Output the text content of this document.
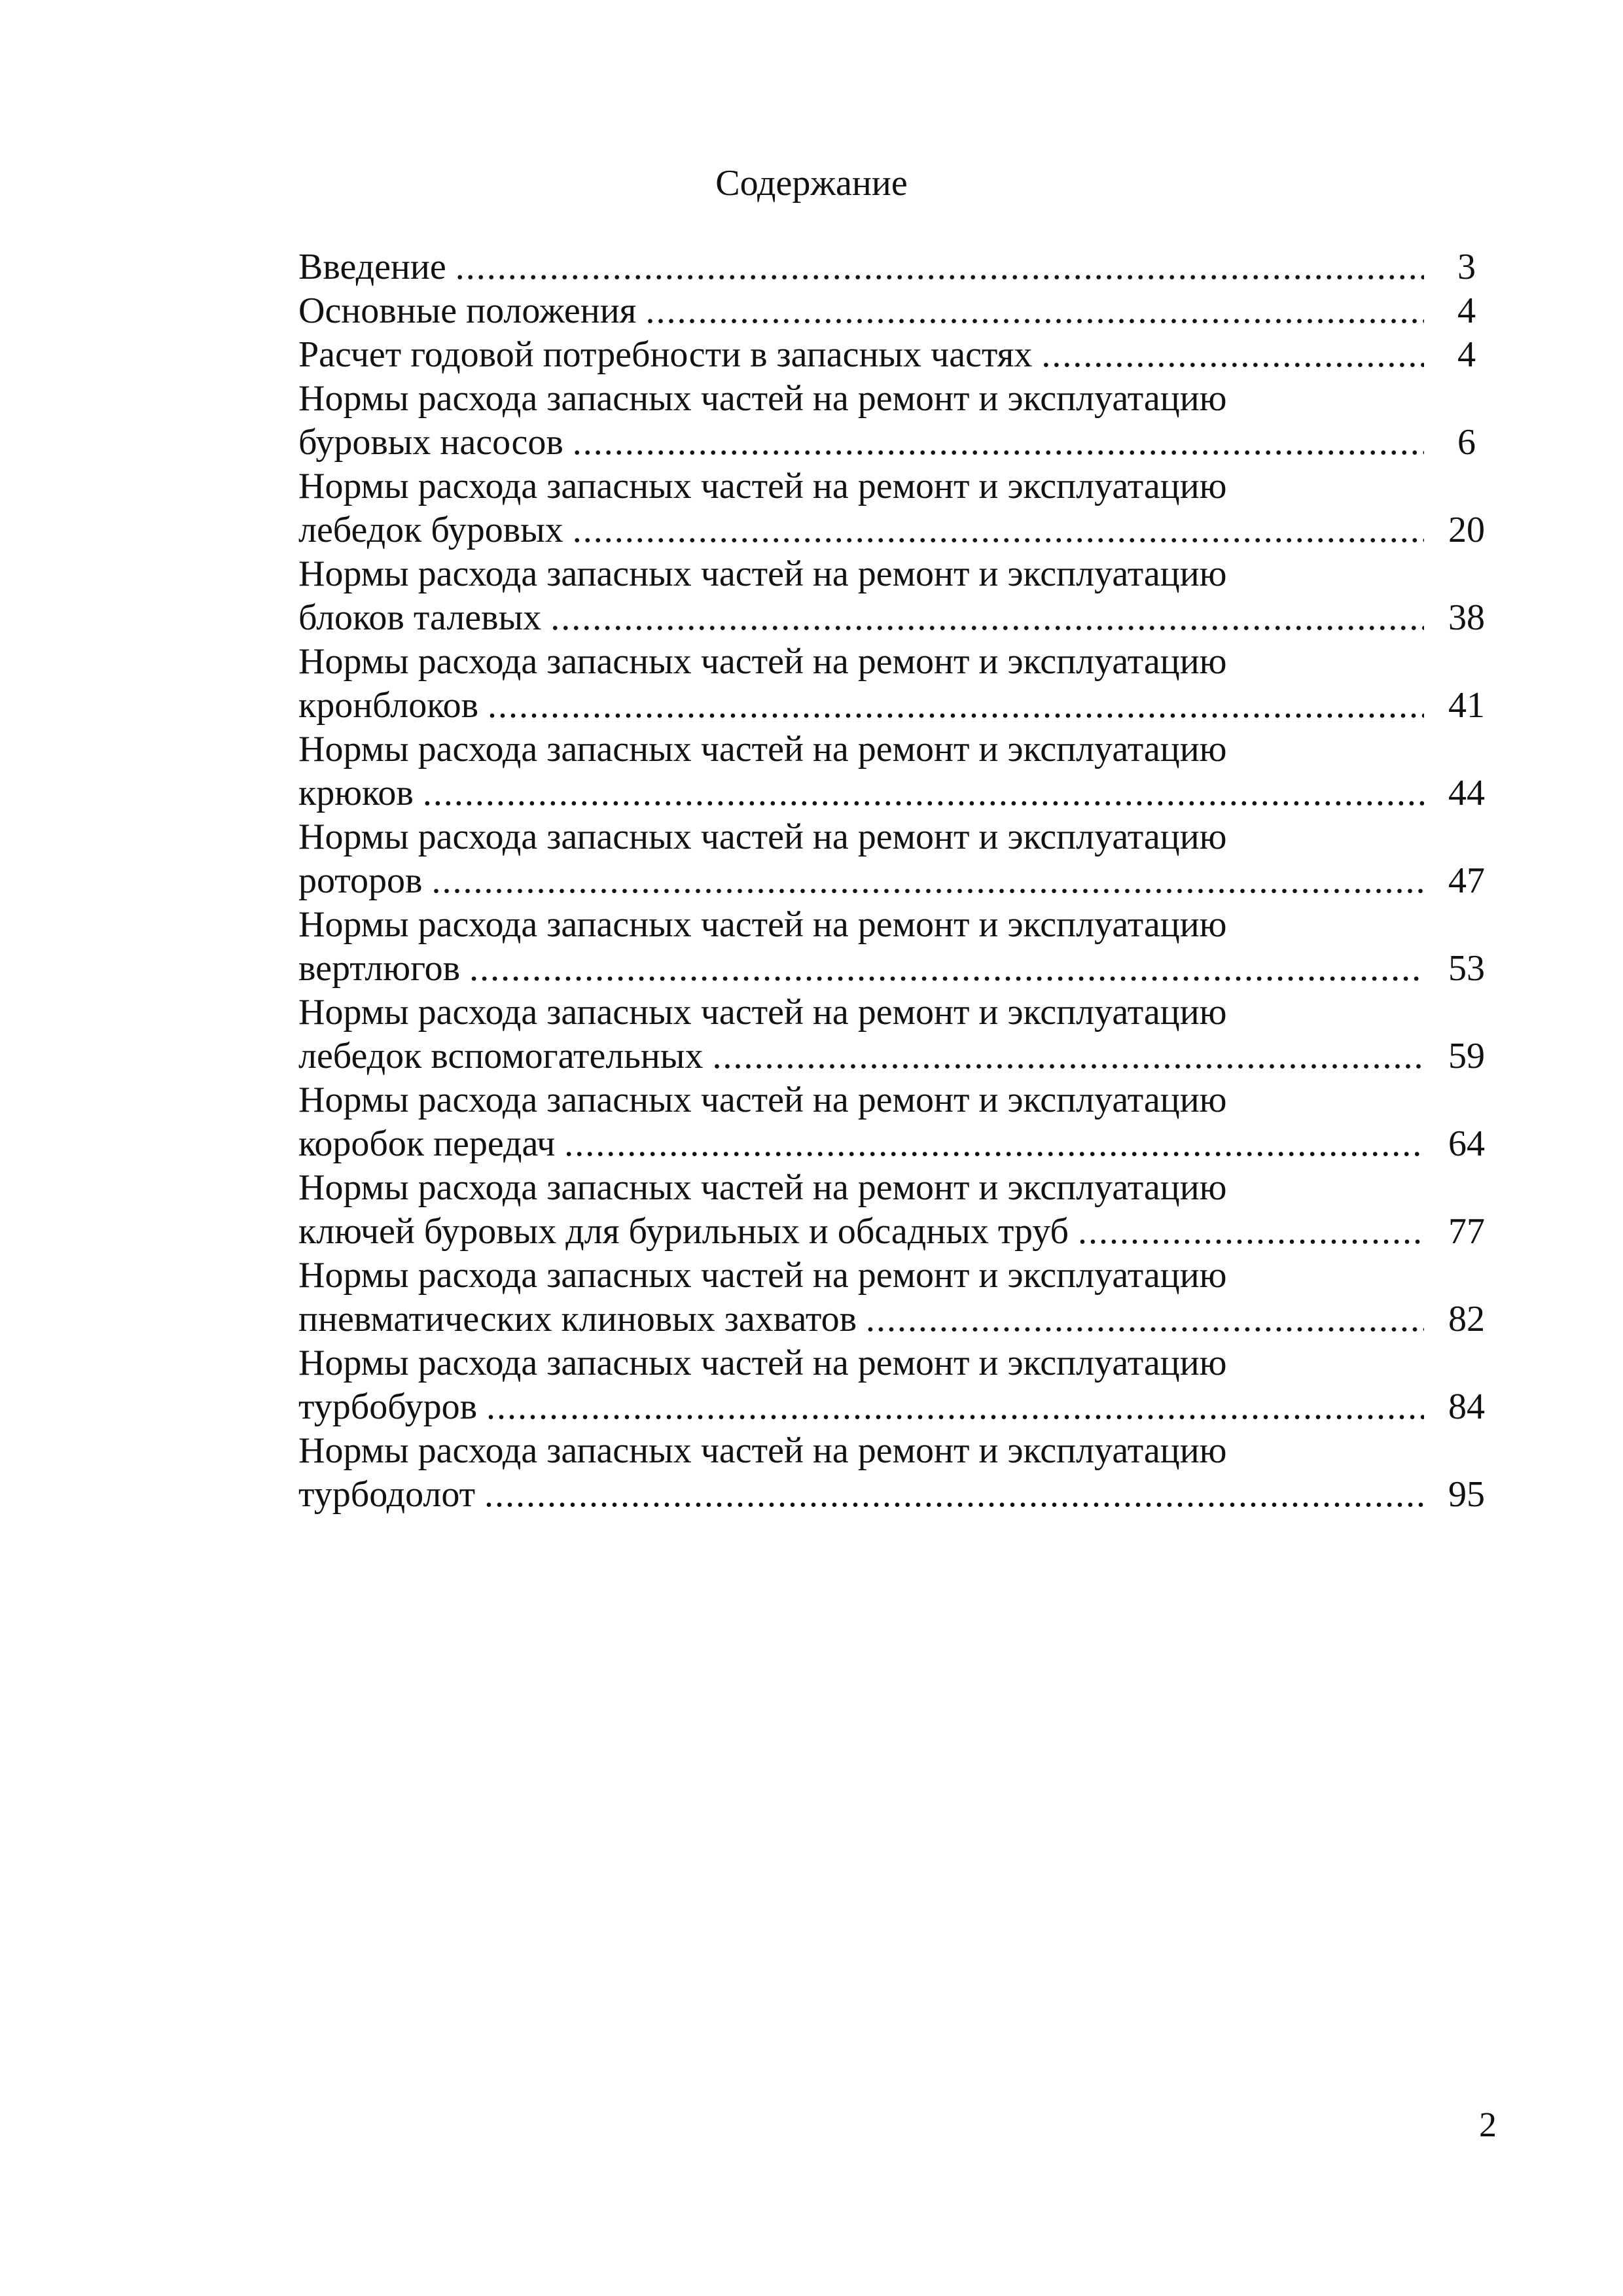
Содержание
Введение .....	3
Основные положения .....	4
Расчет годовой потребности в запасных частях .....	4
Нормы расхода запасных частей на ремонт и эксплуатацию
буровых насосов .....	6
Нормы расхода запасных частей на ремонт и эксплуатацию
лебедок буровых .....	20
Нормы расхода запасных частей на ремонт и эксплуатацию
блоков талевых .....	38
Нормы расхода запасных частей на ремонт и эксплуатацию
кронблоков .....	41
Нормы расхода запасных частей на ремонт и эксплуатацию
крюков .....	44
Нормы расхода запасных частей на ремонт и эксплуатацию
роторов .....	47
Нормы расхода запасных частей на ремонт и эксплуатацию
вертлюгов .....	53
Нормы расхода запасных частей на ремонт и эксплуатацию
лебедок вспомогательных .....	59
Нормы расхода запасных частей на ремонт и эксплуатацию
коробок передач .....	64
Нормы расхода запасных частей на ремонт и эксплуатацию
ключей буровых для бурильных и обсадных труб .....	77
Нормы расхода запасных частей на ремонт и эксплуатацию
пневматических клиновых захватов .....	82
Нормы расхода запасных частей на ремонт и эксплуатацию
турбобуров .....	84
Нормы расхода запасных частей на ремонт и эксплуатацию
турбодолот .....	95
2
